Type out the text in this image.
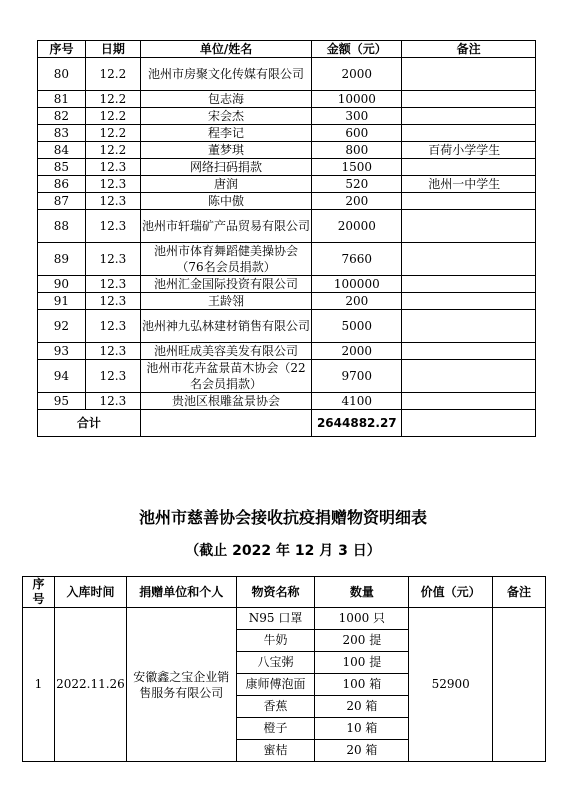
序号	日期	单位/姓名	金额（元）	备注
80	12.2	池州市房聚文化传媒有限公司	2000	
81	12.2	包志海	10000	
82	12.2	宋会杰	300	
83	12.2	程李记	600	
84	12.2	董梦琪	800	百荷小学学生
85	12.3	网络扫码捐款	1500	
86	12.3	唐润	520	池州一中学生
87	12.3	陈中傲	200	
88	12.3	池州市轩瑞矿产品贸易有限公司	20000	
89	12.3	池州市体育舞蹈健美操协会（76名会员捐款）	7660	
90	12.3	池州汇金国际投资有限公司	100000	
91	12.3	王龄翎	200	
92	12.3	池州神九弘林建材销售有限公司	5000	
93	12.3	池州旺成美容美发有限公司	2000	
94	12.3	池州市花卉盆景苗木协会（22名会员捐款）	9700	
95	12.3	贵池区根雕盆景协会	4100	
合计			2644882.27	
池州市慈善协会接收抗疫捐赠物资明细表
（截止 2022 年 12 月 3 日）
序号	入库时间	捐赠单位和个人	物资名称	数量	价值（元）	备注
1	2022.11.26	安徽鑫之宝企业销售服务有限公司	N95 口罩	1000 只	52900	
			牛奶	200 提		
			八宝粥	100 提		
			康师傅泡面	100 箱		
			香蕉	20 箱		
			橙子	10 箱		
			蜜桔	20 箱		
